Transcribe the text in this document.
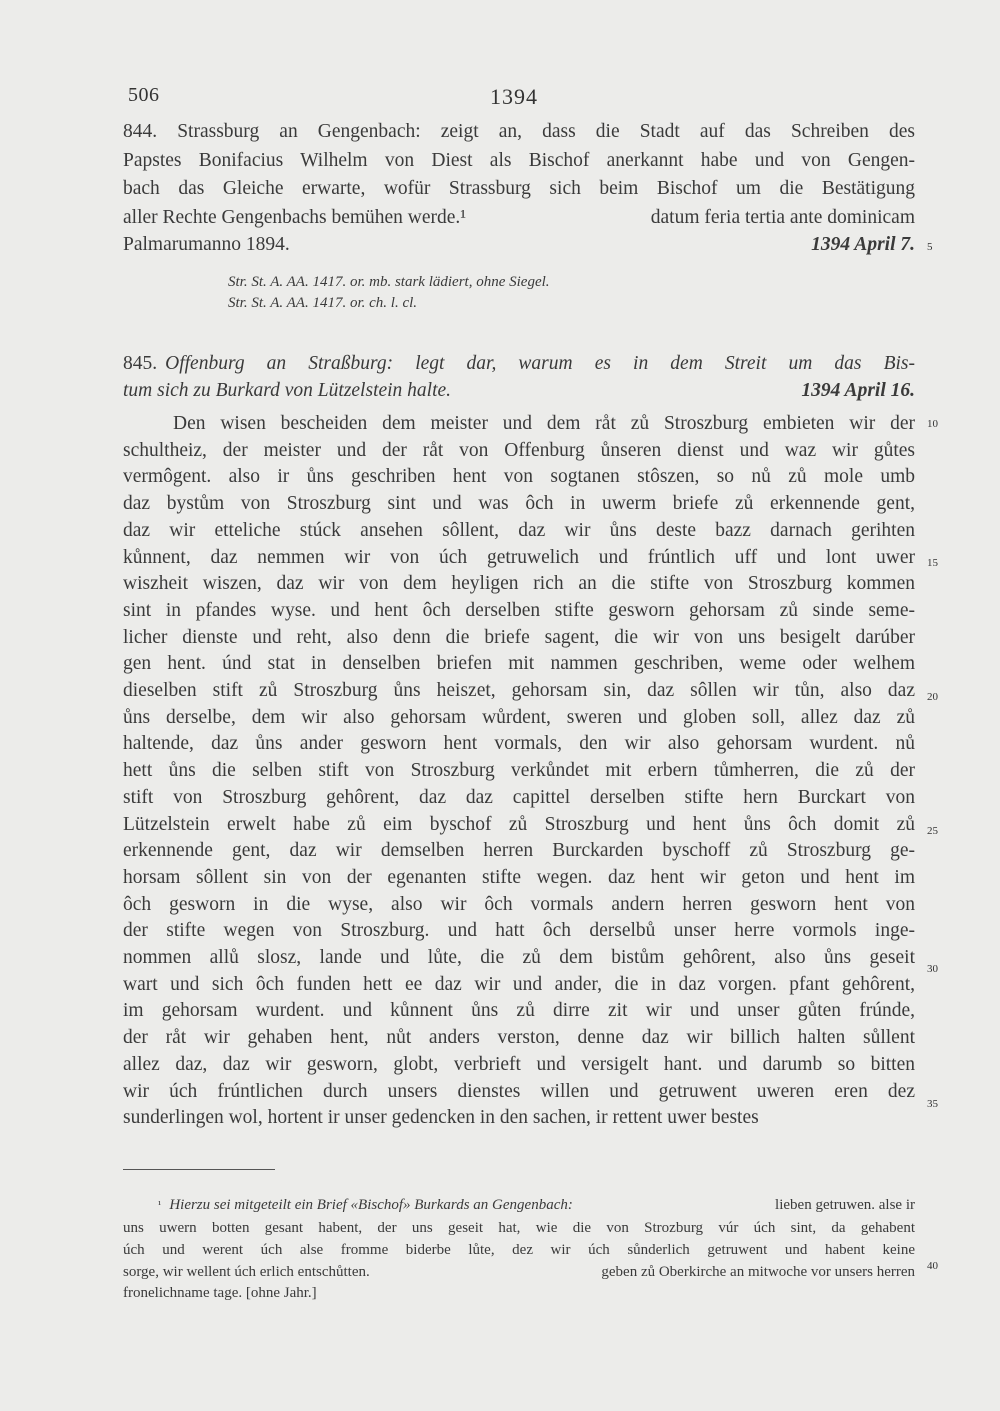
506	1394
844. Strassburg an Gengenbach: zeigt an, dass die Stadt auf das Schreiben des
Papstes Bonifacius Wilhelm von Diest als Bischof anerkannt habe und von Gengen-
bach das Gleiche erwarte, wofür Strassburg sich beim Bischof um die Bestätigung
aller Rechte Gengenbachs bemühen werde.¹	datum feria tertia ante dominicam
Palmarumanno 1894.	1394 April 7.
Str. St. A. AA. 1417. or. mb. stark lädiert, ohne Siegel.
Str. St. A. AA. 1417. or. ch. l. cl.
845. Offenburg an Straßburg: legt dar, warum es in dem Streit um das Bis-
tum sich zu Burkard von Lützelstein halte.	1394 April 16.
Den wisen bescheiden dem meister und dem råt zů Stroszburg embieten wir der
schultheiz, der meister und der råt von Offenburg ůnseren dienst und waz wir gůtes
vermôgent. also ir ůns geschriben hent von sogtanen stôszen, so nů zů mole umb
daz bystům von Stroszburg sint und was ôch in uwerm briefe zů erkennende gent,
daz wir etteliche stúck ansehen sôllent, daz wir ůns deste bazz darnach gerihten
kůnnent, daz nemmen wir von úch getruwelich und frúntlich uff und lont uwer
wiszheit wiszen, daz wir von dem heyligen rich an die stifte von Stroszburg kommen
sint in pfandes wyse. und hent ôch derselben stifte gesworn gehorsam zů sinde seme-
licher dienste und reht, also denn die briefe sagent, die wir von uns besigelt darúber
gen hent. únd stat in denselben briefen mit nammen geschriben, weme oder welhem
dieselben stift zů Stroszburg ůns heiszet, gehorsam sin, daz sôllen wir tůn, also daz
ůns derselbe, dem wir also gehorsam wůrdent, sweren und globen soll, allez daz zů
haltende, daz ůns ander gesworn hent vormals, den wir also gehorsam wurdent. nů
hett ůns die selben stift von Stroszburg verkůndet mit erbern tůmherren, die zů der
stift von Stroszburg gehôrent, daz daz capittel derselben stifte hern Burckart von
Lützelstein erwelt habe zů eim byschof zů Stroszburg und hent ůns ôch domit zů
erkennende gent, daz wir demselben herren Burckarden byschoff zů Stroszburg ge-
horsam sôllent sin von der egenanten stifte wegen. daz hent wir geton und hent im
ôch gesworn in die wyse, also wir ôch vormals andern herren gesworn hent von
der stifte wegen von Stroszburg. und hatt ôch derselbů unser herre vormols inge-
nommen allů slosz, lande und lůte, die zů dem bistům gehôrent, also ůns geseit
wart und sich ôch funden hett ee daz wir und ander, die in daz vorgen. pfant gehôrent,
im gehorsam wurdent. und kůnnent ůns zů dirre zit wir und unser gůten frúnde,
der råt wir gehaben hent, nůt anders verston, denne daz wir billich halten sůllent
allez daz, daz wir gesworn, globt, verbrieft und versigelt hant. und darumb so bitten
wir úch frúntlichen durch unsers dienstes willen und getruwent uweren eren dez
sunderlingen wol, hortent ir unser gedencken in den sachen, ir rettent uwer bestes
5
10
15
20
25
30
35
40
¹ Hierzu sei mitgeteilt ein Brief «Bischof» Burkards an Gengenbach:	lieben getruwen. alse ir
uns uwern botten gesant habent, der uns geseit hat, wie die von Strozburg vúr úch sint, da gehabent
úch und werent úch alse fromme biderbe lůte, dez wir úch sůnderlich getruwent und habent keine
sorge, wir wellent úch erlich entschůtten.	geben zů Oberkirche an mitwoche vor unsers herren
fronelichname tage. [ohne Jahr.]
